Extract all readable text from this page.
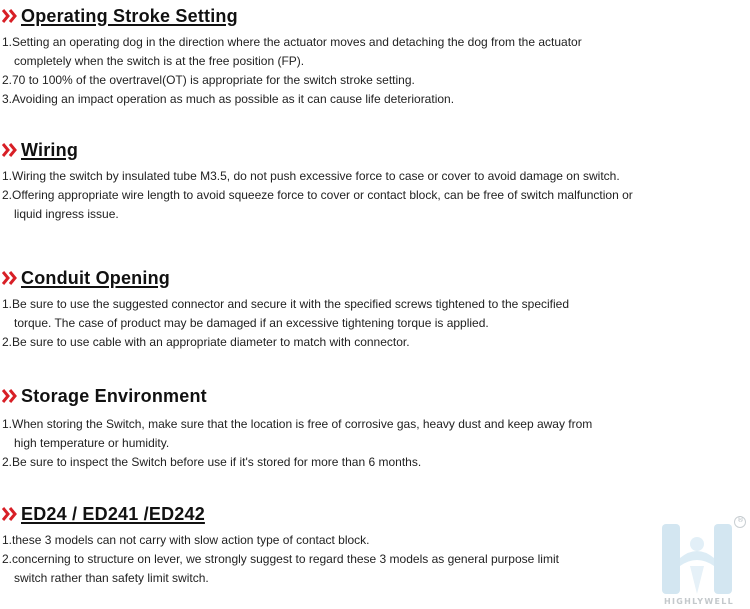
Operating Stroke Setting

1.Setting an operating dog in the direction where the actuator moves and detaching the dog from the actuator

completely when the switch is at the free position (FP).

2.70 to 100% of the overtravel(OT) is appropriate for the switch stroke setting.

3.Avoiding an impact operation as much as possible as it can cause life deterioration.

Wiring

1.Wiring the switch by insulated tube M3.5, do not push excessive force to case or cover to avoid damage on switch.

2.Offering appropriate wire length to avoid squeeze force to cover or contact block, can be free of switch malfunction or

liquid ingress issue.

Conduit Opening

1.Be sure to use the suggested connector and secure it with the specified screws tightened to the specified

torque. The case of product may be damaged if an excessive tightening torque is applied.

2.Be sure to use cable with an appropriate diameter to match with connector.

Storage Environment

1.When storing the Switch, make sure that the location is free of corrosive gas, heavy dust and keep away from

high temperature or humidity.

2.Be sure to inspect the Switch before use if it's stored for more than 6 months.

ED24 / ED241 /ED242

1.these 3 models can not carry with slow action type of contact block.

2.concerning to structure on lever, we strongly suggest to regard these 3 models as general purpose limit

switch rather than safety limit switch.

®
HIGHLYWELL
